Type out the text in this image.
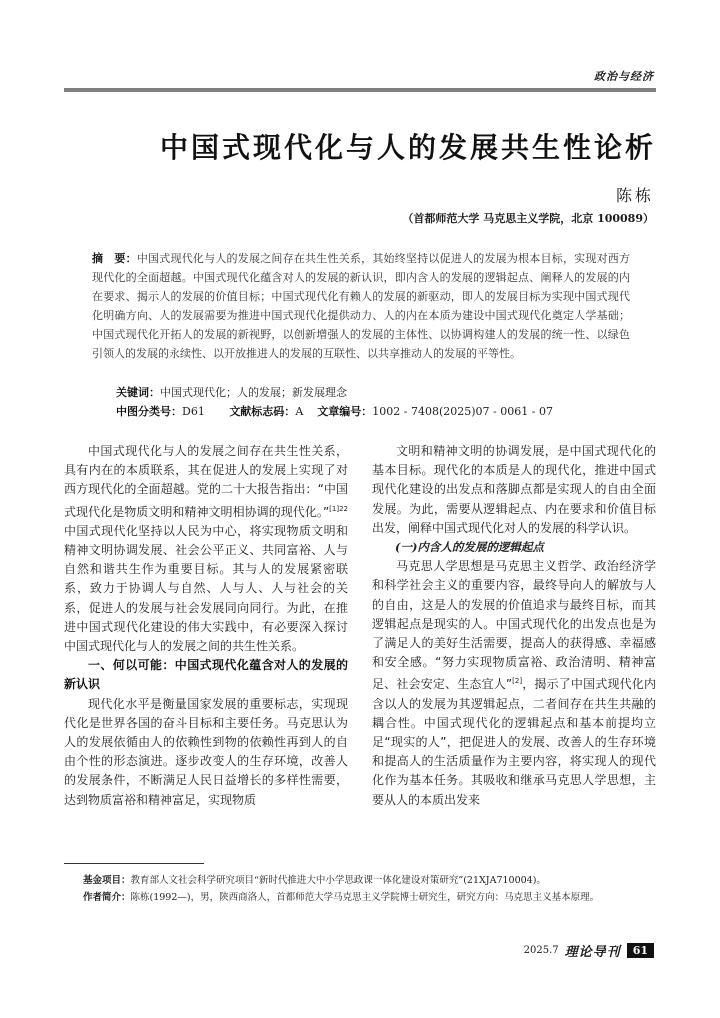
政治与经济
中国式现代化与人的发展共生性论析
陈栋
（首都师范大学 马克思主义学院，北京 100089）
摘　要：中国式现代化与人的发展之间存在共生性关系，其始终坚持以促进人的发展为根本目标，实现对西方现代化的全面超越。中国式现代化蕴含对人的发展的新认识，即内含人的发展的逻辑起点、阐释人的发展的内在要求、揭示人的发展的价值目标；中国式现代化有赖人的发展的新驱动，即人的发展目标为实现中国式现代化明确方向、人的发展需要为推进中国式现代化提供动力、人的内在本质为建设中国式现代化奠定人学基础；中国式现代化开拓人的发展的新视野，以创新增强人的发展的主体性、以协调构建人的发展的统一性、以绿色引领人的发展的永续性、以开放推进人的发展的互联性、以共享推动人的发展的平等性。
关键词：中国式现代化；人的发展；新发展理念
中图分类号：D61 文献标志码：A 文章编号：1002 - 7408(2025)07 - 0061 - 07

中国式现代化与人的发展之间存在共生性关系，具有内在的本质联系，其在促进人的发展上实现了对西方现代化的全面超越。党的二十大报告指出：“中国式现代化是物质文明和精神文明相协调的现代化。”$^{[1]22}$中国式现代化坚持以人民为中心，将实现物质文明和精神文明协调发展、社会公平正义、共同富裕、人与自然和谐共生作为重要目标。其与人的发展紧密联系，致力于协调人与自然、人与人、人与社会的关系，促进人的发展与社会发展同向同行。为此，在推进中国式现代化建设的伟大实践中，有必要深入探讨中国式现代化与人的发展之间的共生性关系。

一、何以可能：中国式现代化蕴含对人的发展的新认识

现代化水平是衡量国家发展的重要标志，实现现代化是世界各国的奋斗目标和主要任务。马克思认为人的发展依循由人的依赖性到物的依赖性再到人的自由个性的形态演进。逐步改变人的生存环境，改善人的发展条件，不断满足人民日益增长的多样性需要，达到物质富裕和精神富足，实现物质

文明和精神文明的协调发展，是中国式现代化的基本目标。现代化的本质是人的现代化，推进中国式现代化建设的出发点和落脚点都是实现人的自由全面发展。为此，需要从逻辑起点、内在要求和价值目标出发，阐释中国式现代化对人的发展的科学认识。

(一)内含人的发展的逻辑起点

马克思人学思想是马克思主义哲学、政治经济学和科学社会主义的重要内容，最终导向人的解放与人的自由，这是人的发展的价值追求与最终目标，而其逻辑起点是现实的人。中国式现代化的出发点也是为了满足人的美好生活需要，提高人的获得感、幸福感和安全感。“努力实现物质富裕、政治清明、精神富足、社会安定、生态宜人”[2]，揭示了中国式现代化内含以人的发展为其逻辑起点，二者间存在共生共融的耦合性。中国式现代化的逻辑起点和基本前提均立足“现实的人”，把促进人的发展、改善人的生存环境和提高人的生活质量作为主要内容，将实现人的现代化作为基本任务。其吸收和继承马克思人学思想，主要从人的本质出发来

基金项目：教育部人文社会科学研究项目“新时代推进大中小学思政课一体化建设对策研究”(21XJA710004)。

作者简介：陈栋(1992—)，男，陕西商洛人，首都师范大学马克思主义学院博士研究生，研究方向：马克思主义基本原理。

2025.7 理论导刊	61
